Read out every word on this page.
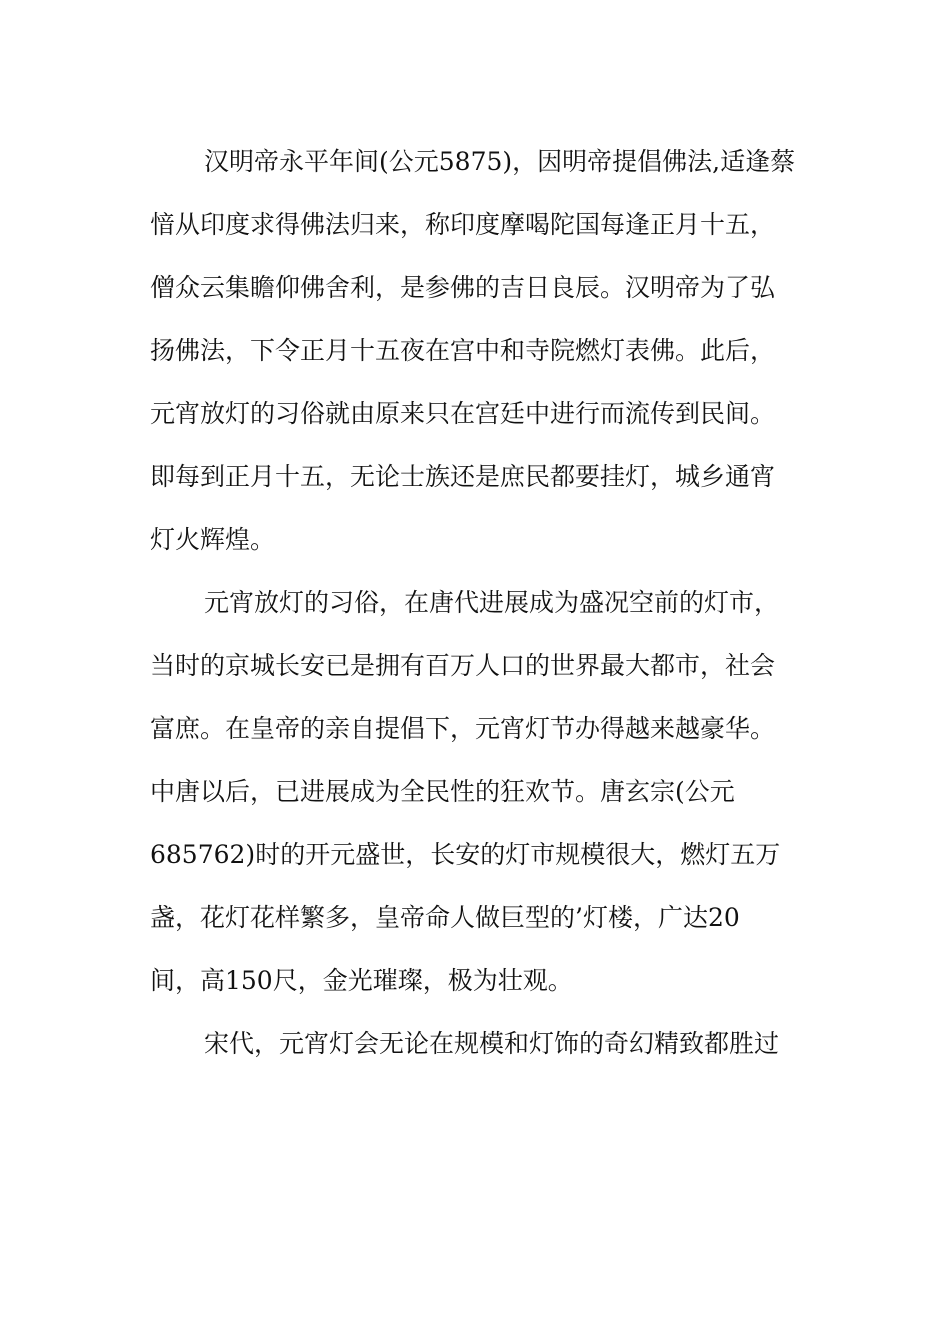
汉明帝永平年间(公元5875)，因明帝提倡佛法,适逢蔡
愔从印度求得佛法归来，称印度摩喝陀国每逢正月十五，
僧众云集瞻仰佛舍利，是参佛的吉日良辰。汉明帝为了弘
扬佛法，下令正月十五夜在宫中和寺院燃灯表佛。此后，
元宵放灯的习俗就由原来只在宫廷中进行而流传到民间。
即每到正月十五，无论士族还是庶民都要挂灯，城乡通宵
灯火辉煌。
元宵放灯的习俗，在唐代进展成为盛况空前的灯市，
当时的京城长安已是拥有百万人口的世界最大都市，社会
富庶。在皇帝的亲自提倡下，元宵灯节办得越来越豪华。
中唐以后，已进展成为全民性的狂欢节。唐玄宗(公元
685762)时的开元盛世，长安的灯市规模很大，燃灯五万
盏，花灯花样繁多，皇帝命人做巨型的’灯楼，广达20
间，高150尺，金光璀璨，极为壮观。
宋代，元宵灯会无论在规模和灯饰的奇幻精致都胜过
